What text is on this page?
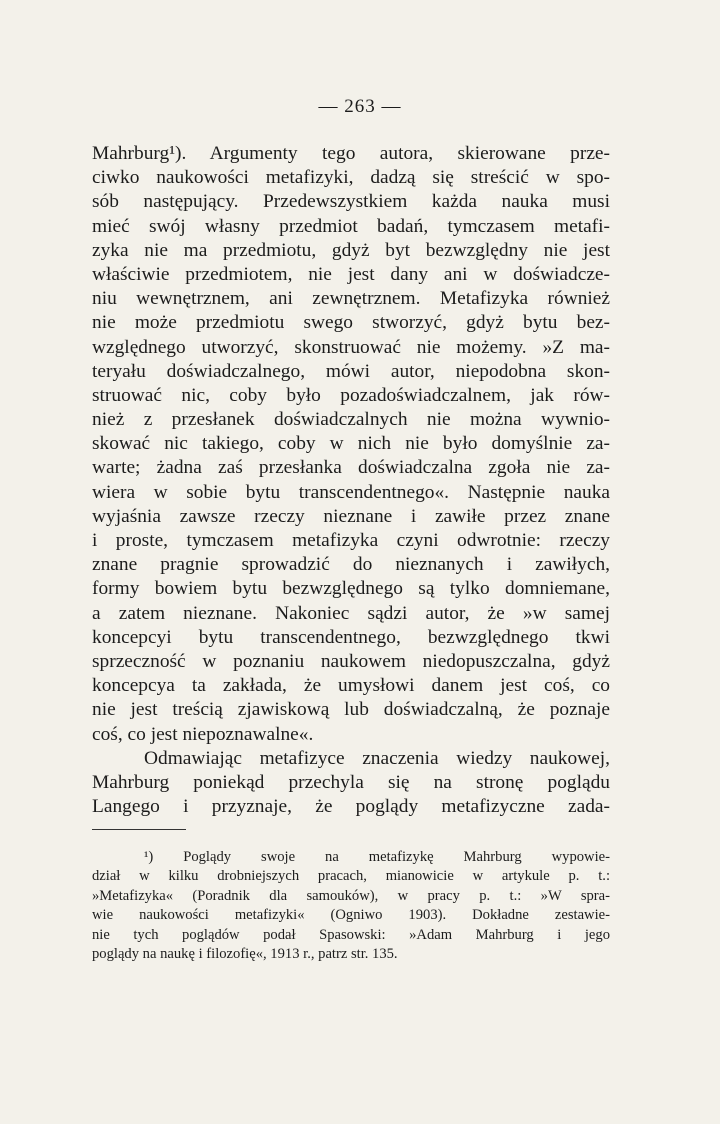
— 263 —
Mahrburg¹). Argumenty tego autora, skierowane prze-
ciwko naukowości metafizyki, dadzą się streścić w spo-
sób następujący. Przedewszystkiem każda nauka musi
mieć swój własny przedmiot badań, tymczasem metafi-
zyka nie ma przedmiotu, gdyż byt bezwzględny nie jest
właściwie przedmiotem, nie jest dany ani w doświadcze-
niu wewnętrznem, ani zewnętrznem. Metafizyka również
nie może przedmiotu swego stworzyć, gdyż bytu bez-
względnego utworzyć, skonstruować nie możemy. »Z ma-
teryału doświadczalnego, mówi autor, niepodobna skon-
struować nic, coby było pozadoświadczalnem, jak rów-
nież z przesłanek doświadczalnych nie można wywnio-
skować nic takiego, coby w nich nie było domyślnie za-
warte; żadna zaś przesłanka doświadczalna zgoła nie za-
wiera w sobie bytu transcendentnego«. Następnie nauka
wyjaśnia zawsze rzeczy nieznane i zawiłe przez znane
i proste, tymczasem metafizyka czyni odwrotnie: rzeczy
znane pragnie sprowadzić do nieznanych i zawiłych,
formy bowiem bytu bezwzględnego są tylko domniemane,
a zatem nieznane. Nakoniec sądzi autor, że »w samej
koncepcyi bytu transcendentnego, bezwzględnego tkwi
sprzeczność w poznaniu naukowem niedopuszczalna, gdyż
koncepcya ta zakłada, że umysłowi danem jest coś, co
nie jest treścią zjawiskową lub doświadczalną, że poznaje
coś, co jest niepoznawalne«.
Odmawiając metafizyce znaczenia wiedzy naukowej,
Mahrburg poniekąd przechyla się na stronę poglądu
Langego i przyznaje, że poglądy metafizyczne zada-
¹) Poglądy swoje na metafizykę Mahrburg wypowie-
dział w kilku drobniejszych pracach, mianowicie w artykule p. t.:
»Metafizyka« (Poradnik dla samouków), w pracy p. t.: »W spra-
wie naukowości metafizyki« (Ogniwo 1903). Dokładne zestawie-
nie tych poglądów podał Spasowski: »Adam Mahrburg i jego
poglądy na naukę i filozofię«, 1913 r., patrz str. 135.
